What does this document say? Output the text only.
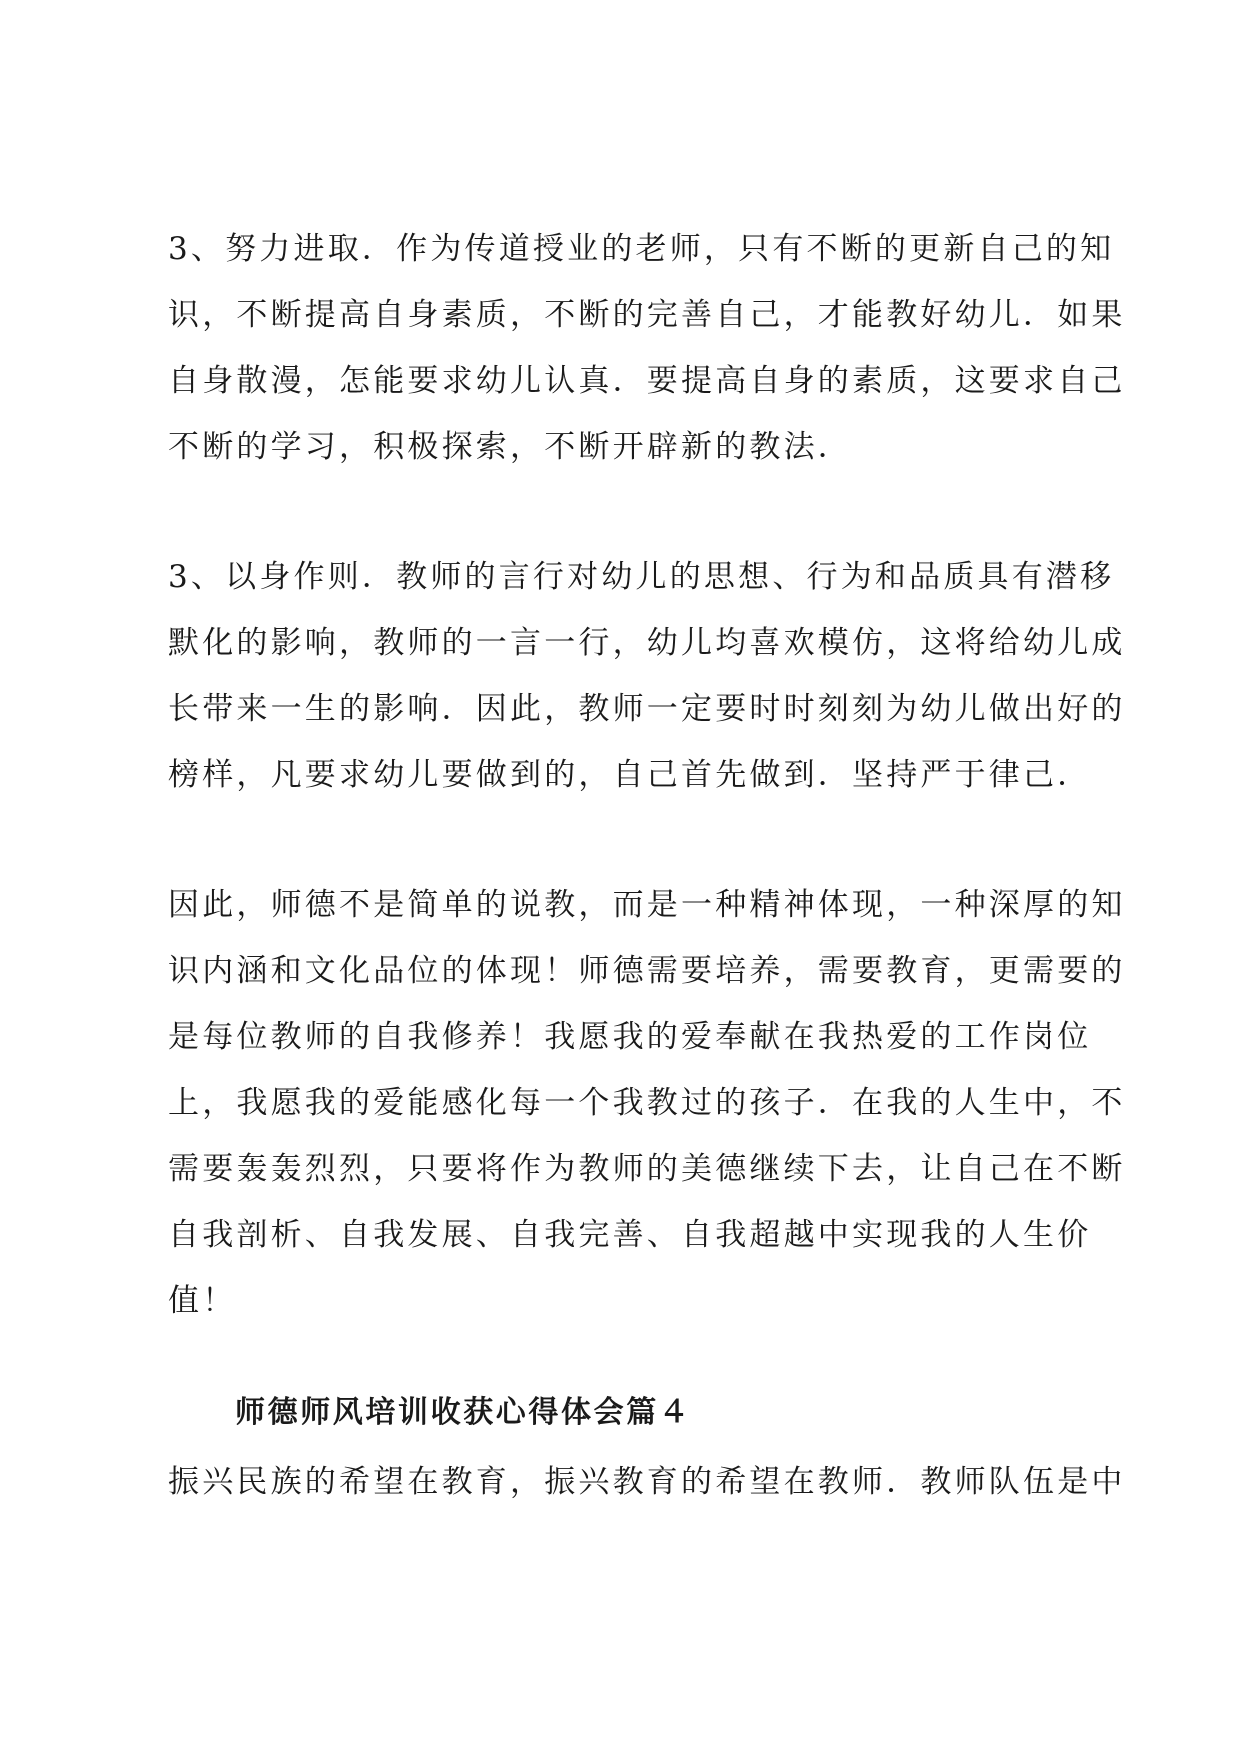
3、努力进取．作为传道授业的老师，只有不断的更新自己的知
识，不断提高自身素质，不断的完善自己，才能教好幼儿．如果
自身散漫，怎能要求幼儿认真．要提高自身的素质，这要求自己
不断的学习，积极探索，不断开辟新的教法．
3、以身作则．教师的言行对幼儿的思想、行为和品质具有潜移
默化的影响，教师的一言一行，幼儿均喜欢模仿，这将给幼儿成
长带来一生的影响．因此，教师一定要时时刻刻为幼儿做出好的
榜样，凡要求幼儿要做到的，自己首先做到．坚持严于律己．
因此，师德不是简单的说教，而是一种精神体现，一种深厚的知
识内涵和文化品位的体现！师德需要培养，需要教育，更需要的
是每位教师的自我修养！我愿我的爱奉献在我热爱的工作岗位
上，我愿我的爱能感化每一个我教过的孩子．在我的人生中，不
需要轰轰烈烈，只要将作为教师的美德继续下去，让自己在不断
自我剖析、自我发展、自我完善、自我超越中实现我的人生价
值！
师德师风培训收获心得体会篇４
振兴民族的希望在教育，振兴教育的希望在教师．教师队伍是中
